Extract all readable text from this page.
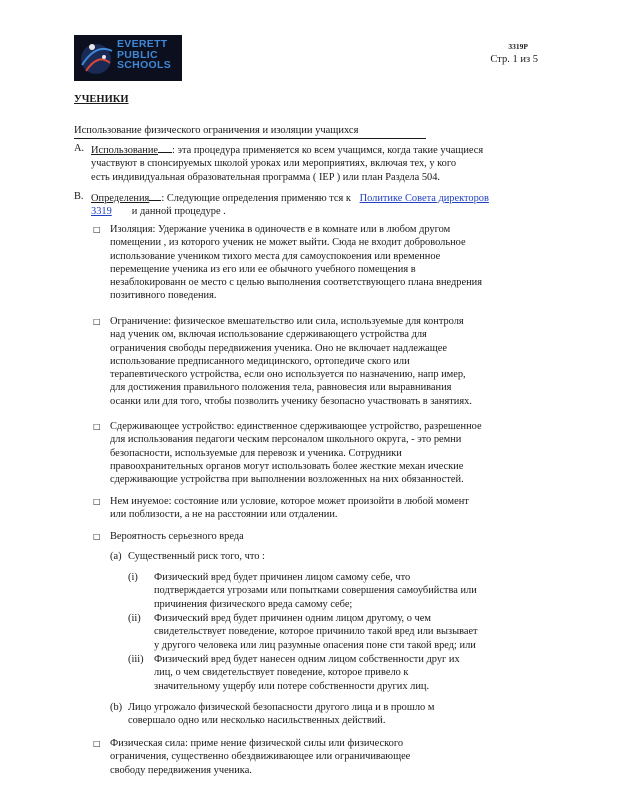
EVERETT
PUBLIC
SCHOOLS
3319P
Стр. 1 из 5
УЧЕНИКИ
Использование физического ограничения и изоляции учащихся
A. Использование : эта процедура применяется ко всем учащимся, когда такие учащиеся
участвуют в спонсируемых школой уроках или мероприятиях, включая тех, у кого
есть индивидуальная образовательная программа ( IEP ) или план Раздела 504.
B. Определения : Следующие определения применяю тся к Политике Совета директоров
3319 и данной процедуре .
□ Изоляция: Удержание ученика в одиночеств е в комнате или в любом другом
помещении , из которого ученик не может выйти. Сюда не входит добровольное
использование учеником тихого места для самоуспокоения или временное
перемещение ученика из его или ее обычного учебного помещения в
незаблокированн ое место с целью выполнения соответствующего плана внедрения
позитивного поведения.
□ Ограничение: физическое вмешательство или сила, используемые для контроля
над ученик ом, включая использование сдерживающего устройства для
ограничения свободы передвижения ученика. Оно не включает надлежащее
использование предписанного медицинского, ортопедиче ского или
терапевтического устройства, если оно используется по назначению, напр имер,
для достижения правильного положения тела, равновесия или выравнивания
осанки или для того, чтобы позволить ученику безопасно участвовать в занятиях.
□ Сдерживающее устройство: единственное сдерживающее устройство, разрешенное
для использования педагоги ческим персоналом школьного округа, - это ремни
безопасности, используемые для перевозк и ученика. Сотрудники
правоохранительных органов могут использовать более жесткие механ ические
сдерживающие устройства при выполнении возложенных на них обязанностей.
□ Нем инуемое: состояние или условие, которое может произойти в любой момент
или поблизости, а не на расстоянии или отдалении.
□ Вероятность серьезного вреда
(a) Существенный риск того, что :
(i) Физический вред будет причинен лицом самому себе, что
подтверждается угрозами или попытками совершения самоубийства или
причинения физического вреда самому себе;
(ii) Физический вред будет причинен одним лицом другому, о чем
свидетельствует поведение, которое причинило такой вред или вызывает
у другого человека или лиц разумные опасения поне сти такой вред; или
(iii) Физический вред будет нанесен одним лицом собственности друг их
лиц, о чем свидетельствует поведение, которое привело к
значительному ущербу или потере собственности других лиц.
(b) Лицо угрожало физической безопасности другого лица и в прошло м
совершало одно или несколько насильственных действий.
□ Физическая сила: приме нение физической силы или физического
ограничения, существенно обездвиживающее или ограничивающее
свободу передвижения ученика.
